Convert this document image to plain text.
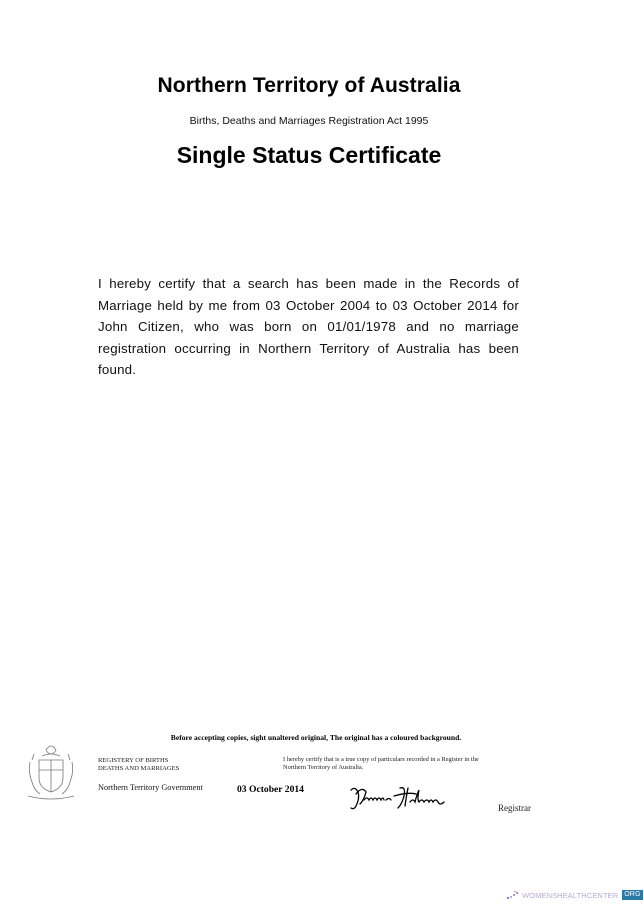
Northern Territory of Australia
Births, Deaths and Marriages Registration Act 1995
Single Status Certificate
I hereby certify that a search has been made in the Records of Marriage held by me from 03 October 2004 to 03 October 2014 for John Citizen, who was born on 01/01/1978 and no marriage registration occurring in Northern Territory of Australia has been found.
Before accepting copies, sight unaltered original, The original has a coloured background.
REGISTERY OF BIRTHS
DEATHS AND MARRIAGES
Northern Territory Government
I hereby certify that is a true copy of particulars recorded in a Register in the Northern Territory of Australia.
03 October 2014
Registrar
WOMENSHEALTHCENTER ORG
